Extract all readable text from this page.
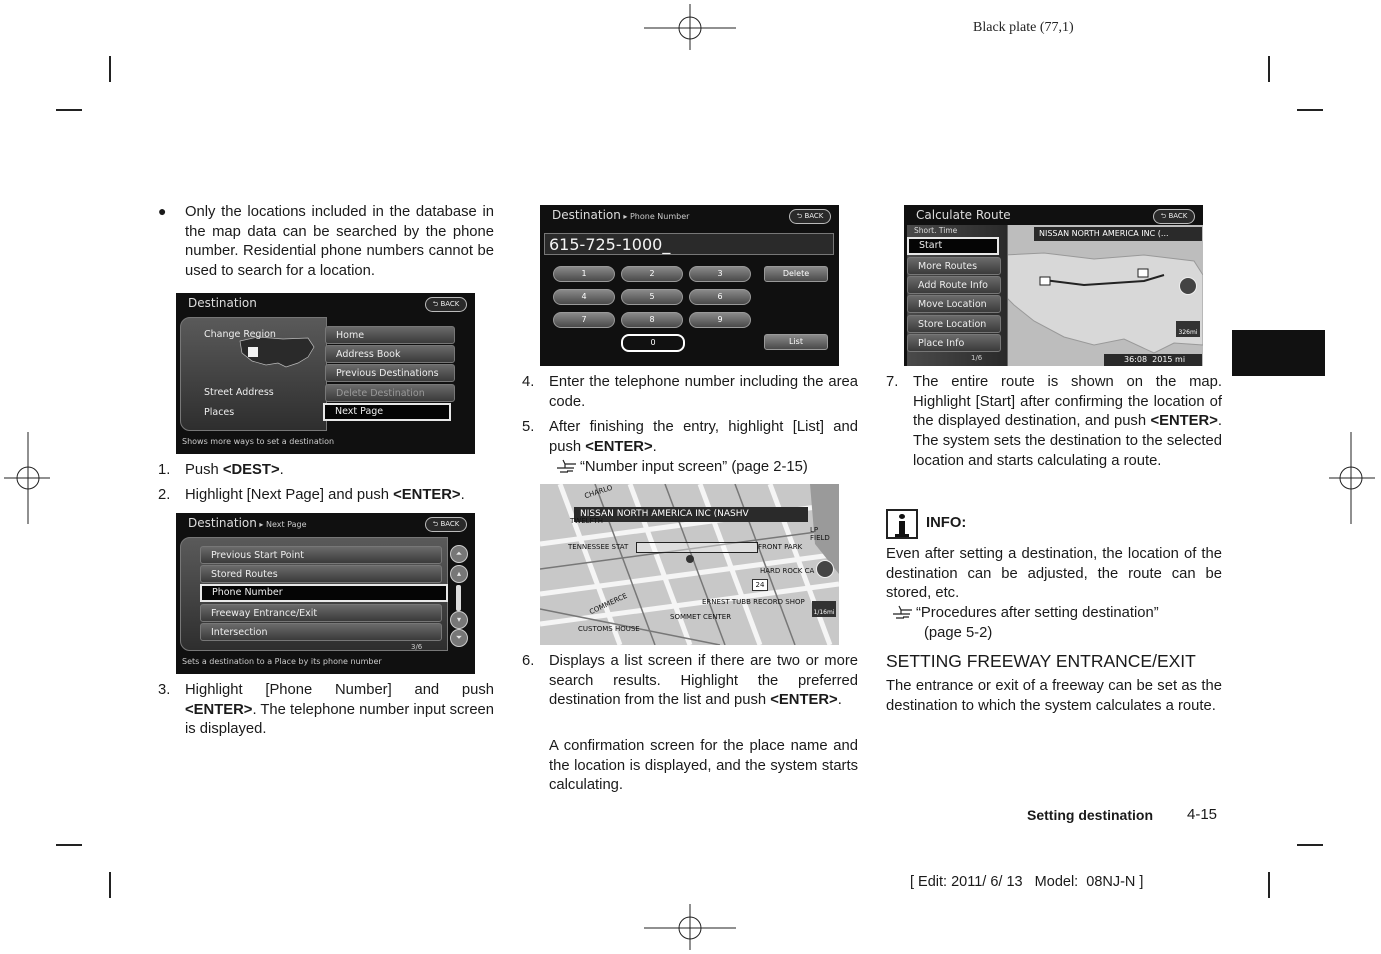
Black plate (77,1)
● Only the locations included in the database in the map data can be searched by the phone number. Residential phone numbers cannot be used to search for a location.

Destination	⮌ BACK
Change Region
Street Address
Places
Home
Address Book
Previous Destinations
Delete Destination
Next Page
Shows more ways to set a destination
1. Push <DEST>.
2. Highlight [Next Page] and push <ENTER>.
Destination ▸ Next Page	⮌ BACK
Previous Start Point
Stored Routes
Phone Number
Freeway Entrance/Exit
Intersection
⏶
▴
▾
⏷
3/6
Sets a destination to a Place by its phone number
3. Highlight [Phone Number] and push <ENTER>. The telephone number input screen is displayed.
Destination ▸ Phone Number	⮌ BACK
615-725-1000_
1	2	3
4	5	6
7	8	9
0
Delete
List
4. Enter the telephone number including the area code.
5. After finishing the entry, highlight [List] and push <ENTER>.
“Number input screen” (page 2-15)
NISSAN NORTH AMERICA INC (NASHV
TENNESSEE STAT	FRONT PARK
HARD ROCK CA
ERNEST TUBB RECORD SHOP
SOMMET CENTER
CUSTOMS HOUSE
COMMERCE
LP FIELD
CHARLO
TWELFTH
24
1/16mi
6. Displays a list screen if there are two or more search results. Highlight the preferred destination from the list and push <ENTER>.

A confirmation screen for the place name and the location is displayed, and the system starts calculating.

Calculate Route	⮌ BACK
NISSAN NORTH AMERICA INC (...
Short. Time
Start
More Routes
Add Route Info
Move Location
Store Location
Place Info
1/6	36:08 2015 mi
326mi
7. The entire route is shown on the map. Highlight [Start] after confirming the location of the displayed destination, and push <ENTER>. The system sets the destination to the selected location and starts calculating a route.
INFO:

Even after setting a destination, the location of the destination can be adjusted, the route can be stored, etc.

“Procedures after setting destination”
(page 5-2)
SETTING FREEWAY ENTRANCE/EXIT

The entrance or exit of a freeway can be set as the destination to which the system calculates a route.

Setting destination 4-15
[ Edit: 2011/ 6/ 13   Model:  08NJ-N ]
